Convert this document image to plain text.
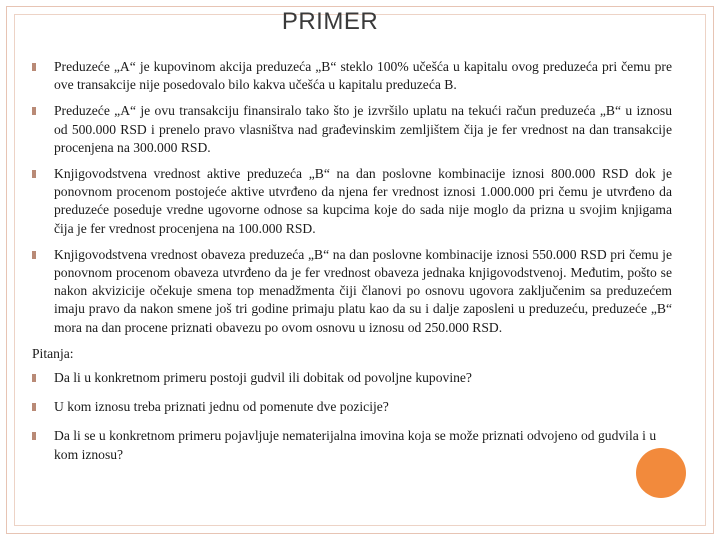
PRIMER
Preduzeće „A“ je kupovinom akcija preduzeća „B“ steklo 100% učešća u kapitalu ovog preduzeća pri čemu pre ove transakcije nije posedovalo bilo kakva učešća u kapitalu preduzeća B.
Preduzeće „A“ je ovu transakciju finansiralo tako što je izvršilo uplatu na tekući račun preduzeća „B“ u iznosu od 500.000 RSD i prenelo pravo vlasništva nad građevinskim zemljištem čija je fer vrednost na dan transakcije procenjena na 300.000 RSD.
Knjigovodstvena vrednost aktive preduzeća „B“ na dan poslovne kombinacije iznosi 800.000 RSD dok je ponovnom procenom postojeće aktive utvrđeno da njena fer vrednost iznosi 1.000.000 pri čemu je utvrđeno da preduzeće poseduje vredne ugovorne odnose sa kupcima koje do sada nije moglo da prizna u svojim knjigama čija je fer vrednost procenjena na 100.000 RSD.
Knjigovodstvena vrednost obaveza preduzeća „B“ na dan poslovne kombinacije iznosi 550.000 RSD pri čemu je ponovnom procenom obaveza utvrđeno da je fer vrednost obaveza jednaka knjigovodstvenoj. Međutim, pošto se nakon akvizicije očekuje smena top menadžmenta čiji članovi po osnovu ugovora zaključenim sa preduzećem imaju pravo da nakon smene još tri godine primaju platu kao da su i dalje zaposleni u preduzeću, preduzeće „B“ mora na dan procene priznati obavezu po ovom osnovu u iznosu od 250.000 RSD.
Pitanja:
Da li u konkretnom primeru postoji gudvil ili dobitak od povoljne kupovine?
U kom iznosu treba priznati jednu od pomenute dve pozicije?
Da li se u konkretnom primeru pojavljuje nematerijalna imovina koja se može priznati odvojeno od gudvila i u kom iznosu?
